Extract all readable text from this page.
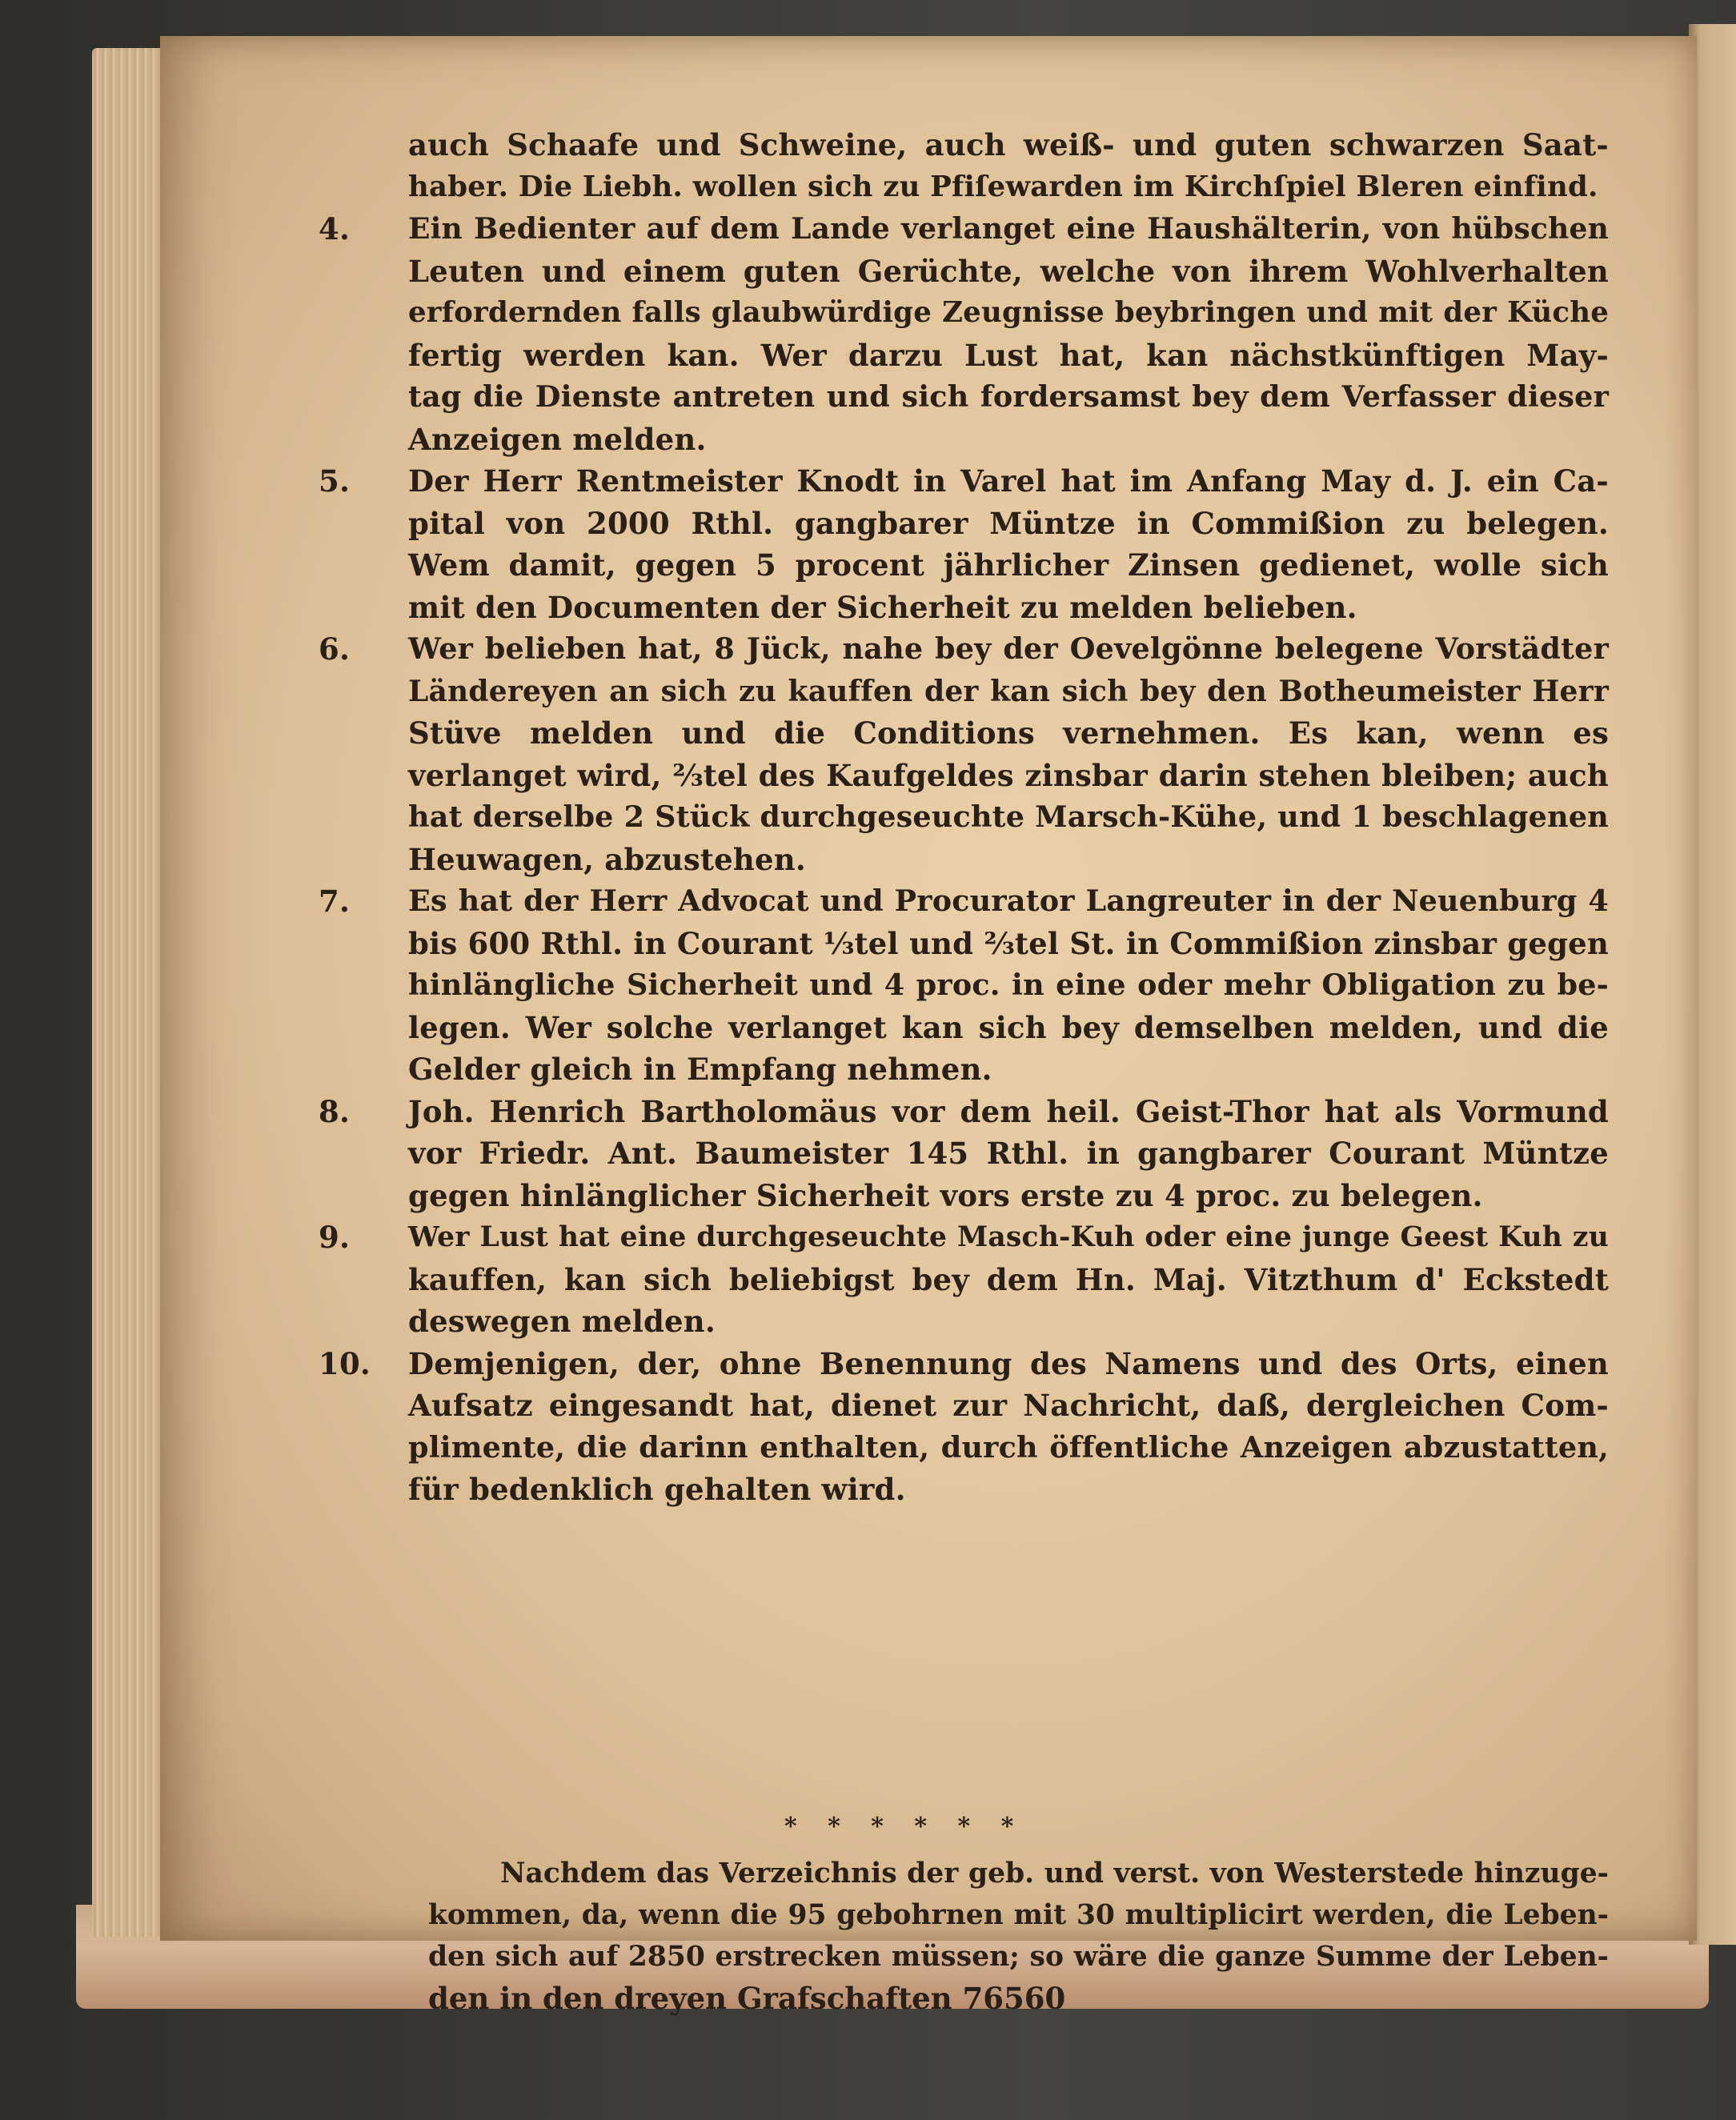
auch Schaafe und Schweine, auch weiß- und guten schwarzen Saat-
haber. Die Liebh. wollen sich zu Pfiſewarden im Kirchſpiel Bleren einfind.
4.	Ein Bedienter auf dem Lande verlanget eine Haushälterin, von hübschen
Leuten und einem guten Gerüchte, welche von ihrem Wohlverhalten
erfordernden falls glaubwürdige Zeugnisse beybringen und mit der Küche
fertig werden kan. Wer darzu Lust hat, kan nächstkünftigen May-
tag die Dienste antreten und sich fordersamst bey dem Verfasser dieser
Anzeigen melden.
5.	Der Herr Rentmeister Knodt in Varel hat im Anfang May d. J. ein Ca-
pital von 2000 Rthl. gangbarer Müntze in Commißion zu belegen.
Wem damit, gegen 5 procent jährlicher Zinsen gedienet, wolle sich
mit den Documenten der Sicherheit zu melden belieben.
6.	Wer belieben hat, 8 Jück, nahe bey der Oevelgönne belegene Vorstädter
Ländereyen an sich zu kauffen der kan sich bey den Botheumeister Herr
Stüve melden und die Conditions vernehmen. Es kan, wenn es
verlanget wird, ⅔tel des Kaufgeldes zinsbar darin stehen bleiben; auch
hat derselbe 2 Stück durchgeseuchte Marsch-Kühe, und 1 beschlagenen
Heuwagen, abzustehen.
7.	Es hat der Herr Advocat und Procurator Langreuter in der Neuenburg 4
bis 600 Rthl. in Courant ⅓tel und ⅔tel St. in Commißion zinsbar gegen
hinlängliche Sicherheit und 4 proc. in eine oder mehr Obligation zu be-
legen. Wer solche verlanget kan sich bey demselben melden, und die
Gelder gleich in Empfang nehmen.
8.	Joh. Henrich Bartholomäus vor dem heil. Geist-Thor hat als Vormund
vor Friedr. Ant. Baumeister 145 Rthl. in gangbarer Courant Müntze
gegen hinlänglicher Sicherheit vors erste zu 4 proc. zu belegen.
9.	Wer Lust hat eine durchgeseuchte Masch-Kuh oder eine junge Geest Kuh zu
kauffen, kan sich beliebigst bey dem Hn. Maj. Vitzthum d' Eckstedt
deswegen melden.
10.	Demjenigen, der, ohne Benennung des Namens und des Orts, einen
Aufsatz eingesandt hat, dienet zur Nachricht, daß, dergleichen Com-
plimente, die darinn enthalten, durch öffentliche Anzeigen abzustatten,
für bedenklich gehalten wird.
* * * * * *
Nachdem das Verzeichnis der geb. und verst. von Westerstede hinzuge-
kommen, da, wenn die 95 gebohrnen mit 30 multiplicirt werden, die Leben-
den sich auf 2850 erstrecken müssen; so wäre die ganze Summe der Leben-
den in den dreyen Grafschaften 76560
